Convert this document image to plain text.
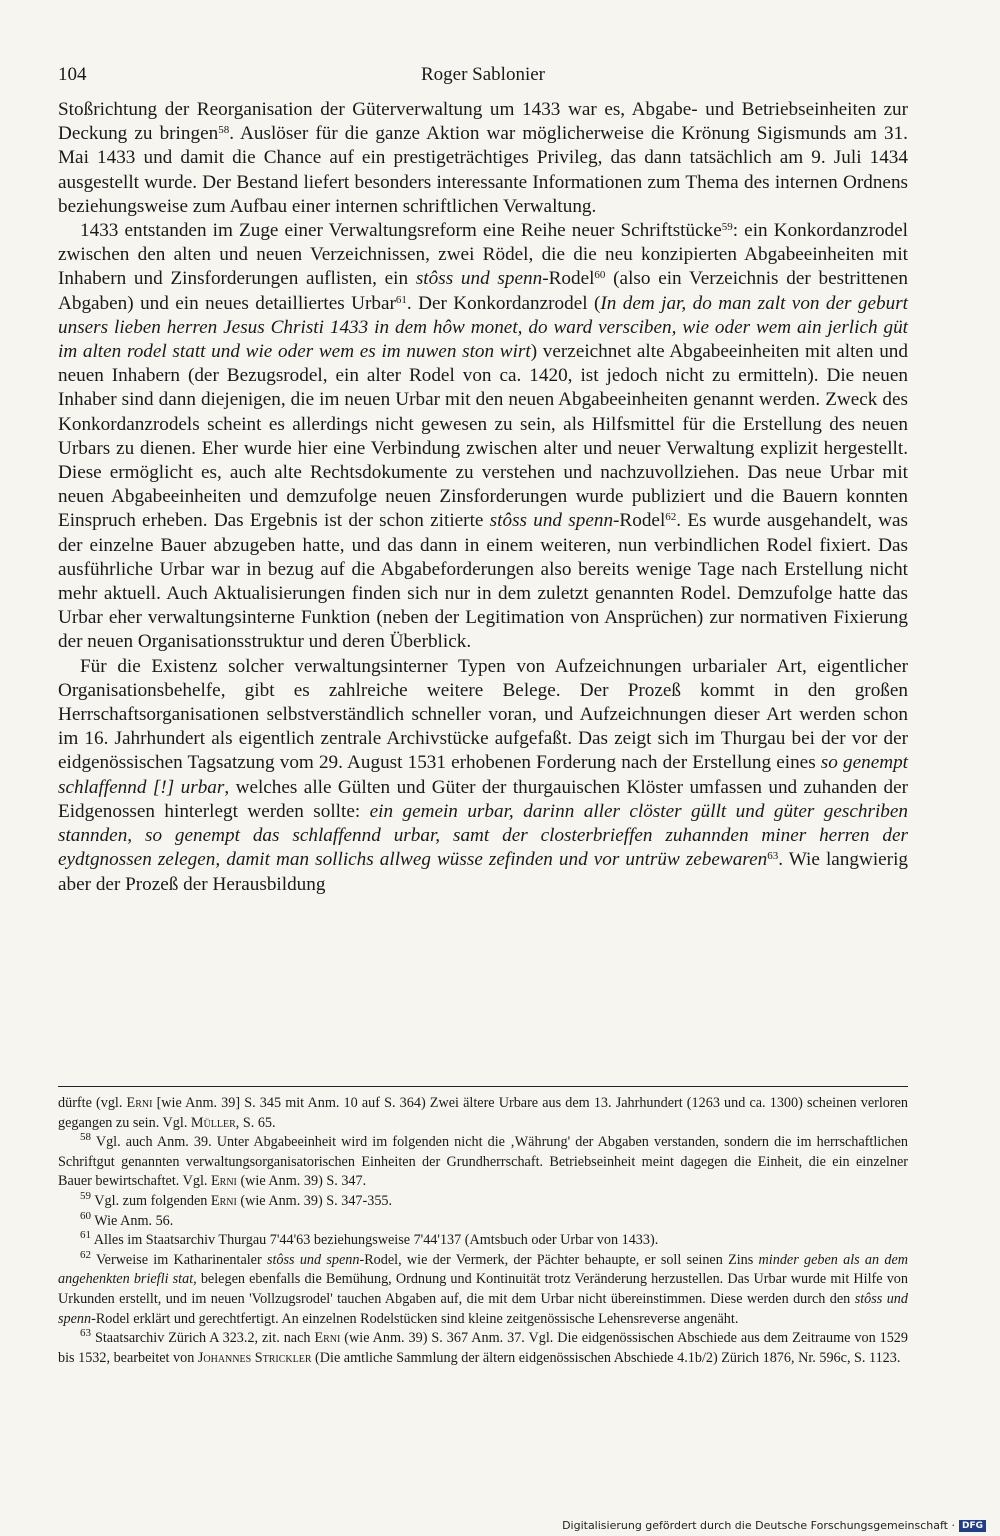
104	Roger Sablonier

Stoßrichtung der Reorganisation der Güterverwaltung um 1433 war es, Abgabe- und Betriebseinheiten zur Deckung zu bringen$^{58}$. Auslöser für die ganze Aktion war möglicherweise die Krönung Sigismunds am 31. Mai 1433 und damit die Chance auf ein prestigeträchtiges Privileg, das dann tatsächlich am 9. Juli 1434 ausgestellt wurde. Der Bestand liefert besonders interessante Informationen zum Thema des internen Ordnens beziehungsweise zum Aufbau einer internen schriftlichen Verwaltung.

1433 entstanden im Zuge einer Verwaltungsreform eine Reihe neuer Schriftstücke$^{59}$: ein Konkordanzrodel zwischen den alten und neuen Verzeichnissen, zwei Rödel, die die neu konzipierten Abgabeeinheiten mit Inhabern und Zinsforderungen auflisten, ein stôss und spenn-Rodel$^{60}$ (also ein Verzeichnis der bestrittenen Abgaben) und ein neues detailliertes Urbar$^{61}$. Der Konkordanzrodel (In dem jar, do man zalt von der geburt unsers lieben herren Jesus Christi 1433 in dem hôw monet, do ward versciben, wie oder wem ain jerlich güt im alten rodel statt und wie oder wem es im nuwen ston wirt) verzeichnet alte Abgabeeinheiten mit alten und neuen Inhabern (der Bezugsrodel, ein alter Rodel von ca. 1420, ist jedoch nicht zu ermitteln). Die neuen Inhaber sind dann diejenigen, die im neuen Urbar mit den neuen Abgabeeinheiten genannt werden. Zweck des Konkordanzrodels scheint es allerdings nicht gewesen zu sein, als Hilfsmittel für die Erstellung des neuen Urbars zu dienen. Eher wurde hier eine Verbindung zwischen alter und neuer Verwaltung explizit hergestellt. Diese ermöglicht es, auch alte Rechtsdokumente zu verstehen und nachzuvollziehen. Das neue Urbar mit neuen Abgabeeinheiten und demzufolge neuen Zinsforderungen wurde publiziert und die Bauern konnten Einspruch erheben. Das Ergebnis ist der schon zitierte stôss und spenn-Rodel$^{62}$. Es wurde ausgehandelt, was der einzelne Bauer abzugeben hatte, und das dann in einem weiteren, nun verbindlichen Rodel fixiert. Das ausführliche Urbar war in bezug auf die Abgabeforderungen also bereits wenige Tage nach Erstellung nicht mehr aktuell. Auch Aktualisierungen finden sich nur in dem zuletzt genannten Rodel. Demzufolge hatte das Urbar eher verwaltungsinterne Funktion (neben der Legitimation von Ansprüchen) zur normativen Fixierung der neuen Organisationsstruktur und deren Überblick.

Für die Existenz solcher verwaltungsinterner Typen von Aufzeichnungen urbarialer Art, eigentlicher Organisationsbehelfe, gibt es zahlreiche weitere Belege. Der Prozeß kommt in den großen Herrschaftsorganisationen selbstverständlich schneller voran, und Aufzeichnungen dieser Art werden schon im 16. Jahrhundert als eigentlich zentrale Archivstücke aufgefaßt. Das zeigt sich im Thurgau bei der vor der eidgenössischen Tagsatzung vom 29. August 1531 erhobenen Forderung nach der Erstellung eines so genempt schlaffennd [!] urbar, welches alle Gülten und Güter der thurgauischen Klöster umfassen und zuhanden der Eidgenossen hinterlegt werden sollte: ein gemein urbar, darinn aller clöster güllt und güter geschriben stannden, so genempt das schlaffennd urbar, samt der closterbrieffen zuhannden miner herren der eydtgnossen zelegen, damit man sollichs allweg wüsse zefinden und vor untrüw zebewaren$^{63}$. Wie langwierig aber der Prozeß der Herausbildung

dürfte (vgl. Erni [wie Anm. 39] S. 345 mit Anm. 10 auf S. 364) Zwei ältere Urbare aus dem 13. Jahrhundert (1263 und ca. 1300) scheinen verloren gegangen zu sein. Vgl. Müller, S. 65.

$^{58}$ Vgl. auch Anm. 39. Unter Abgabeeinheit wird im folgenden nicht die ‚Währung' der Abgaben verstanden, sondern die im herrschaftlichen Schriftgut genannten verwaltungsorganisatorischen Einheiten der Grundherrschaft. Betriebseinheit meint dagegen die Einheit, die ein einzelner Bauer bewirtschaftet. Vgl. Erni (wie Anm. 39) S. 347.

$^{59}$ Vgl. zum folgenden Erni (wie Anm. 39) S. 347-355.

$^{60}$ Wie Anm. 56.

$^{61}$ Alles im Staatsarchiv Thurgau 7'44'63 beziehungsweise 7'44'137 (Amtsbuch oder Urbar von 1433).

$^{62}$ Verweise im Katharinentaler stôss und spenn-Rodel, wie der Vermerk, der Pächter behaupte, er soll seinen Zins minder geben als an dem angehenkten briefli stat, belegen ebenfalls die Bemühung, Ordnung und Kontinuität trotz Veränderung herzustellen. Das Urbar wurde mit Hilfe von Urkunden erstellt, und im neuen 'Vollzugsrodel' tauchen Abgaben auf, die mit dem Urbar nicht übereinstimmen. Diese werden durch den stôss und spenn-Rodel erklärt und gerechtfertigt. An einzelnen Rodelstücken sind kleine zeitgenössische Lehensreverse angenäht.

$^{63}$ Staatsarchiv Zürich A 323.2, zit. nach Erni (wie Anm. 39) S. 367 Anm. 37. Vgl. Die eidgenössischen Abschiede aus dem Zeitraume von 1529 bis 1532, bearbeitet von Johannes Strickler (Die amtliche Sammlung der ältern eidgenössischen Abschiede 4.1b/2) Zürich 1876, Nr. 596c, S. 1123.

Digitalisierung gefördert durch die Deutsche Forschungsgemeinschaft · DFG
